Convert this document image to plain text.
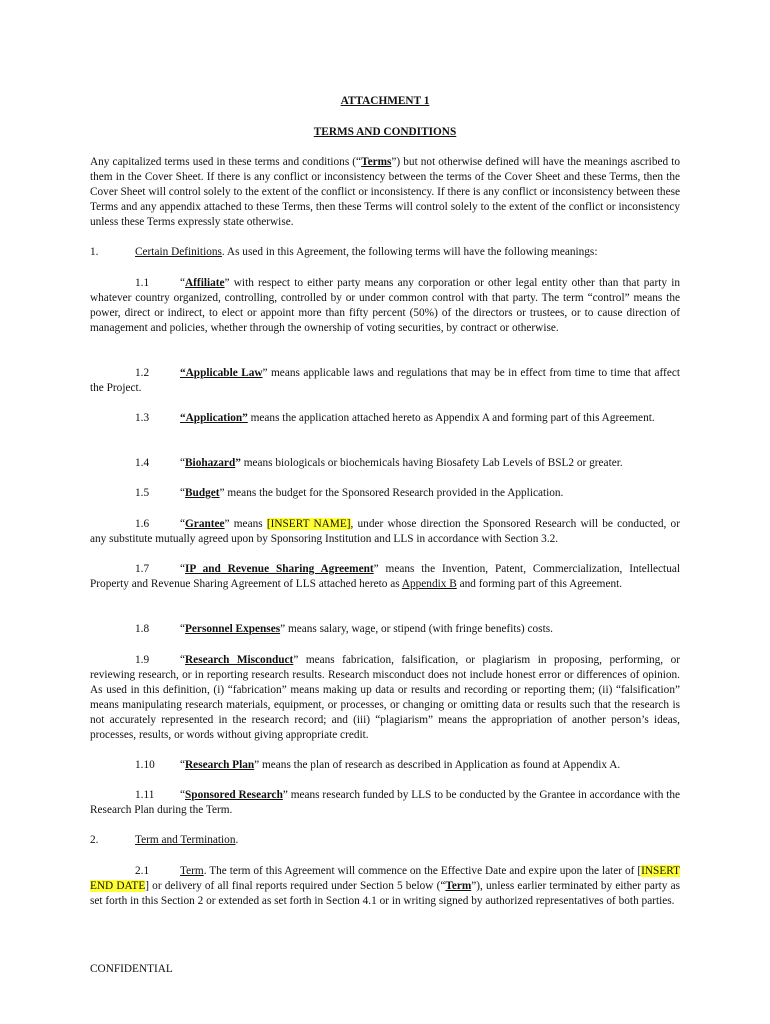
ATTACHMENT 1

TERMS AND CONDITIONS

Any capitalized terms used in these terms and conditions (“Terms”) but not otherwise defined will have the meanings ascribed to them in the Cover Sheet. If there is any conflict or inconsistency between the terms of the Cover Sheet and these Terms, then the Cover Sheet will control solely to the extent of the conflict or inconsistency. If there is any conflict or inconsistency between these Terms and any appendix attached to these Terms, then these Terms will control solely to the extent of the conflict or inconsistency unless these Terms expressly state otherwise.

1.	Certain Definitions. As used in this Agreement, the following terms will have the following meanings:

1.1	“Affiliate” with respect to either party means any corporation or other legal entity other than that party in whatever country organized, controlling, controlled by or under common control with that party. The term “control” means the power, direct or indirect, to elect or appoint more than fifty percent (50%) of the directors or trustees, or to cause direction of management and policies, whether through the ownership of voting securities, by contract or otherwise.

1.2	“Applicable Law” means applicable laws and regulations that may be in effect from time to time that affect the Project.

1.3	“Application” means the application attached hereto as Appendix A and forming part of this Agreement.

1.4	“Biohazard” means biologicals or biochemicals having Biosafety Lab Levels of BSL2 or greater.

1.5	“Budget” means the budget for the Sponsored Research provided in the Application.

1.6	“Grantee” means [INSERT NAME], under whose direction the Sponsored Research will be conducted, or any substitute mutually agreed upon by Sponsoring Institution and LLS in accordance with Section 3.2.

1.7	“IP and Revenue Sharing Agreement” means the Invention, Patent, Commercialization, Intellectual Property and Revenue Sharing Agreement of LLS attached hereto as Appendix B and forming part of this Agreement.

1.8	“Personnel Expenses” means salary, wage, or stipend (with fringe benefits) costs.

1.9	“Research Misconduct” means fabrication, falsification, or plagiarism in proposing, performing, or reviewing research, or in reporting research results. Research misconduct does not include honest error or differences of opinion. As used in this definition, (i) “fabrication” means making up data or results and recording or reporting them; (ii) “falsification” means manipulating research materials, equipment, or processes, or changing or omitting data or results such that the research is not accurately represented in the research record; and (iii) “plagiarism” means the appropriation of another person’s ideas, processes, results, or words without giving appropriate credit.

1.10 “Research Plan” means the plan of research as described in Application as found at Appendix A.

1.11 “Sponsored Research” means research funded by LLS to be conducted by the Grantee in accordance with the Research Plan during the Term.

2.	Term and Termination.

2.1	Term. The term of this Agreement will commence on the Effective Date and expire upon the later of [INSERT END DATE] or delivery of all final reports required under Section 5 below (“Term”), unless earlier terminated by either party as set forth in this Section 2 or extended as set forth in Section 4.1 or in writing signed by authorized representatives of both parties.

CONFIDENTIAL
